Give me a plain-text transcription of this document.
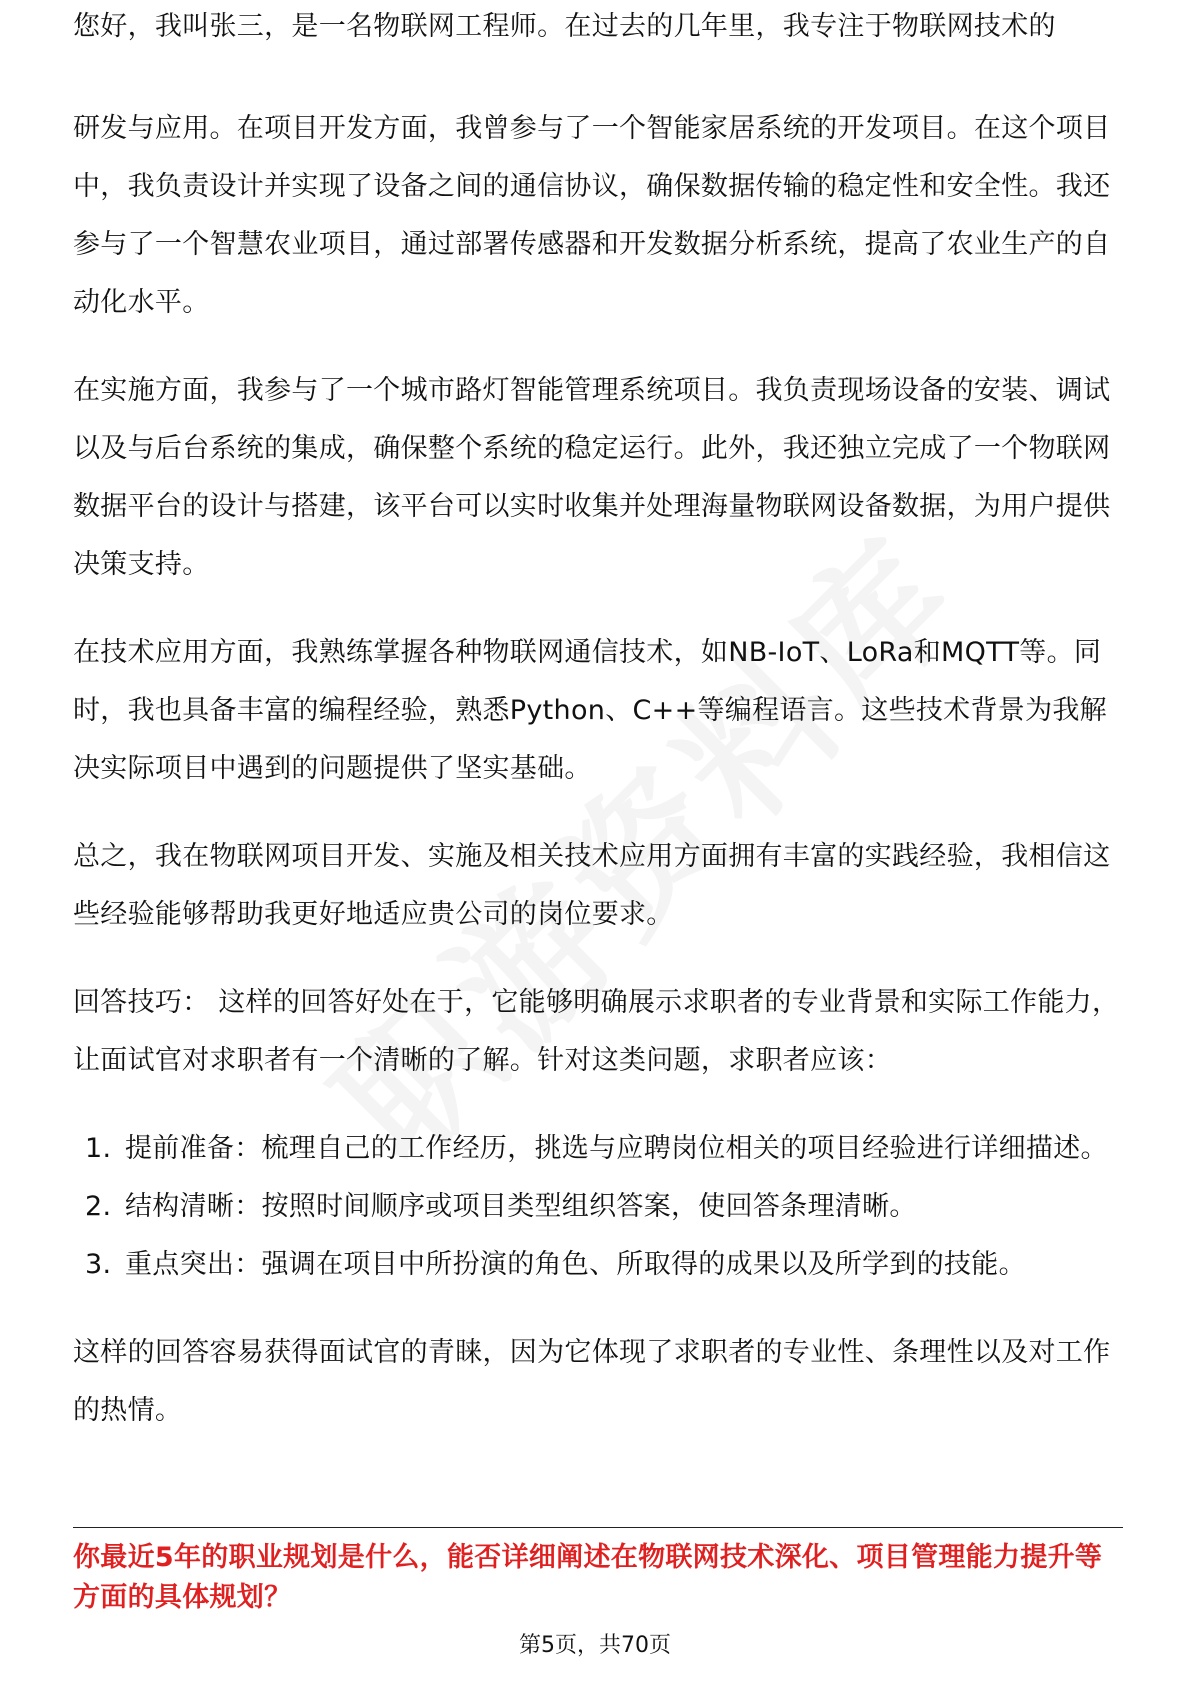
您好，我叫张三，是一名物联网工程师。在过去的几年里，我专注于物联网技术的

研发与应用。在项目开发方面，我曾参与了一个智能家居系统的开发项目。在这个项目中，我负责设计并实现了设备之间的通信协议，确保数据传输的稳定性和安全性。我还参与了一个智慧农业项目，通过部署传感器和开发数据分析系统，提高了农业生产的自动化水平。

在实施方面，我参与了一个城市路灯智能管理系统项目。我负责现场设备的安装、调试以及与后台系统的集成，确保整个系统的稳定运行。此外，我还独立完成了一个物联网数据平台的设计与搭建，该平台可以实时收集并处理海量物联网设备数据，为用户提供决策支持。

在技术应用方面，我熟练掌握各种物联网通信技术，如NB-IoT、LoRa和MQTT等。同时，我也具备丰富的编程经验，熟悉Python、C++等编程语言。这些技术背景为我解决实际项目中遇到的问题提供了坚实基础。

总之，我在物联网项目开发、实施及相关技术应用方面拥有丰富的实践经验，我相信这些经验能够帮助我更好地适应贵公司的岗位要求。

回答技巧： 这样的回答好处在于，它能够明确展示求职者的专业背景和实际工作能力，让面试官对求职者有一个清晰的了解。针对这类问题，求职者应该：

1. 提前准备：梳理自己的工作经历，挑选与应聘岗位相关的项目经验进行详细描述。
2. 结构清晰：按照时间顺序或项目类型组织答案，使回答条理清晰。
3. 重点突出：强调在项目中所扮演的角色、所取得的成果以及所学到的技能。

这样的回答容易获得面试官的青睐，因为它体现了求职者的专业性、条理性以及对工作的热情。

你最近5年的职业规划是什么，能否详细阐述在物联网技术深化、项目管理能力提升等方面的具体规划？
第5页，共70页
